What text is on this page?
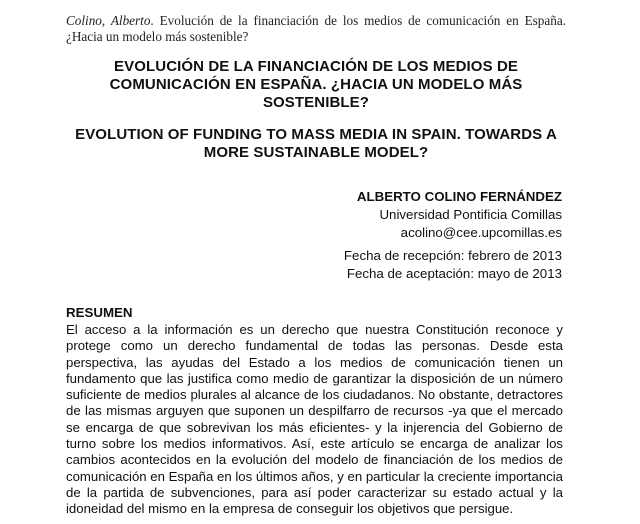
Colino, Alberto. Evolución de la financiación de los medios de comunicación en España. ¿Hacia un modelo más sostenible?
EVOLUCIÓN DE LA FINANCIACIÓN DE LOS MEDIOS DE COMUNICACIÓN EN ESPAÑA. ¿HACIA UN MODELO MÁS SOSTENIBLE?
EVOLUTION OF FUNDING TO MASS MEDIA IN SPAIN. TOWARDS A MORE SUSTAINABLE MODEL?
ALBERTO COLINO FERNÁNDEZ
Universidad Pontificia Comillas
acolino@cee.upcomillas.es
Fecha de recepción: febrero de 2013
Fecha de aceptación: mayo de 2013
RESUMEN
El acceso a la información es un derecho que nuestra Constitución reconoce y
protege como un derecho fundamental de todas las personas. Desde esta
perspectiva, las ayudas del Estado a los medios de comunicación tienen un
fundamento que las justifica como medio de garantizar la disposición de un número
suficiente de medios plurales al alcance de los ciudadanos. No obstante, detractores
de las mismas arguyen que suponen un despilfarro de recursos -ya que el mercado
se encarga de que sobrevivan los más eficientes- y la injerencia del Gobierno de
turno sobre los medios informativos. Así, este artículo se encarga de analizar los
cambios acontecidos en la evolución del modelo de financiación de los medios de
comunicación en España en los últimos años, y en particular la creciente importancia
de la partida de subvenciones, para así poder caracterizar su estado actual y la
idoneidad del mismo en la empresa de conseguir los objetivos que persigue.
